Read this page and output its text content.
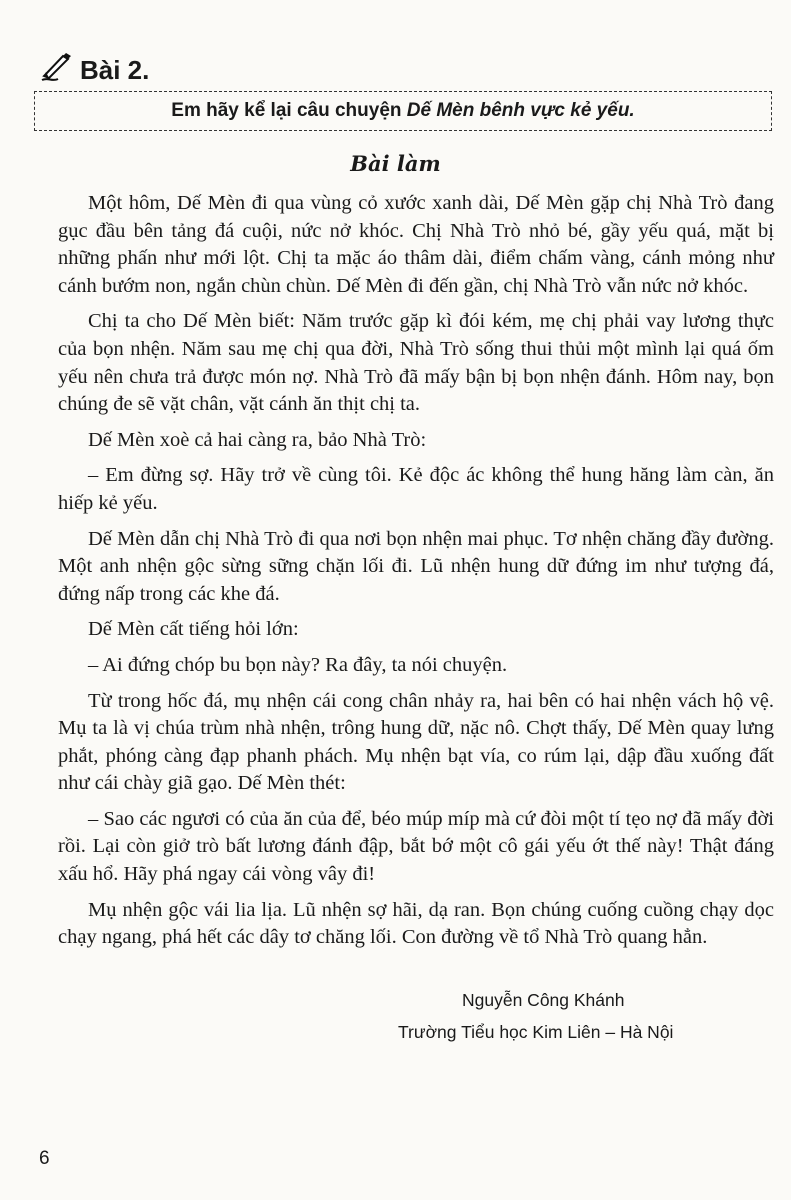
Bài 2.
Em hãy kể lại câu chuyện Dế Mèn bênh vực kẻ yếu.
Bài làm

Một hôm, Dế Mèn đi qua vùng cỏ xước xanh dài, Dế Mèn gặp chị Nhà Trò đang gục đầu bên tảng đá cuội, nức nở khóc. Chị Nhà Trò nhỏ bé, gầy yếu quá, mặt bị những phấn như mới lột. Chị ta mặc áo thâm dài, điểm chấm vàng, cánh mỏng như cánh bướm non, ngắn chùn chùn. Dế Mèn đi đến gần, chị Nhà Trò vẫn nức nở khóc.

Chị ta cho Dế Mèn biết: Năm trước gặp kì đói kém, mẹ chị phải vay lương thực của bọn nhện. Năm sau mẹ chị qua đời, Nhà Trò sống thui thủi một mình lại quá ốm yếu nên chưa trả được món nợ. Nhà Trò đã mấy bận bị bọn nhện đánh. Hôm nay, bọn chúng đe sẽ vặt chân, vặt cánh ăn thịt chị ta.

Dế Mèn xoè cả hai càng ra, bảo Nhà Trò:

– Em đừng sợ. Hãy trở về cùng tôi. Kẻ độc ác không thể hung hăng làm càn, ăn hiếp kẻ yếu.

Dế Mèn dẫn chị Nhà Trò đi qua nơi bọn nhện mai phục. Tơ nhện chăng đầy đường. Một anh nhện gộc sừng sững chặn lối đi. Lũ nhện hung dữ đứng im như tượng đá, đứng nấp trong các khe đá.

Dế Mèn cất tiếng hỏi lớn:

– Ai đứng chóp bu bọn này? Ra đây, ta nói chuyện.

Từ trong hốc đá, mụ nhện cái cong chân nhảy ra, hai bên có hai nhện vách hộ vệ. Mụ ta là vị chúa trùm nhà nhện, trông hung dữ, nặc nô. Chợt thấy, Dế Mèn quay lưng phắt, phóng càng đạp phanh phách. Mụ nhện bạt vía, co rúm lại, dập đầu xuống đất như cái chày giã gạo. Dế Mèn thét:

– Sao các ngươi có của ăn của để, béo múp míp mà cứ đòi một tí tẹo nợ đã mấy đời rồi. Lại còn giở trò bất lương đánh đập, bắt bớ một cô gái yếu ớt thế này! Thật đáng xấu hổ. Hãy phá ngay cái vòng vây đi!

Mụ nhện gộc vái lia lịa. Lũ nhện sợ hãi, dạ ran. Bọn chúng cuống cuồng chạy dọc chạy ngang, phá hết các dây tơ chăng lối. Con đường về tổ Nhà Trò quang hẳn.

Nguyễn Công Khánh
Trường Tiểu học Kim Liên – Hà Nội
6
